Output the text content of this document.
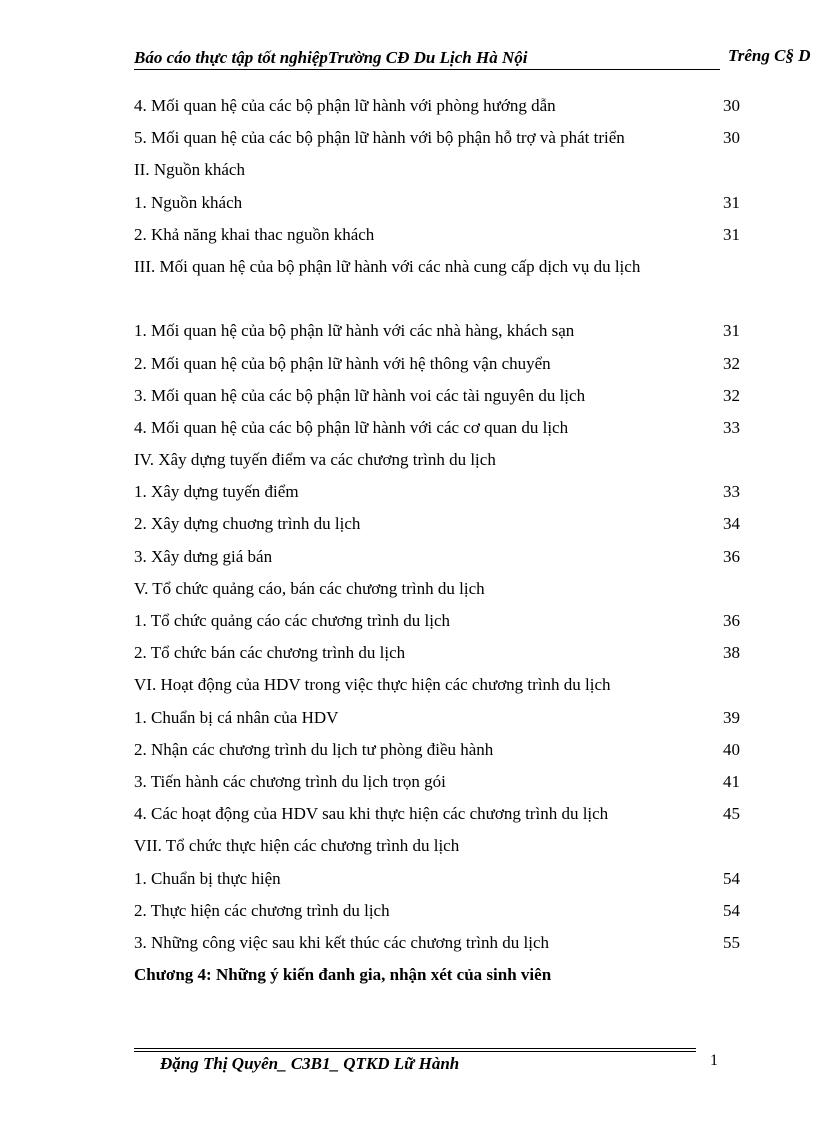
Báo cáo thực tập tốt nghiệpTrường CĐ Du Lịch Hà Nội	Trêng C§ D
4. Mối quan hệ của các bộ phận lữ hành với phòng hướng dẫn	30
5. Mối quan hệ của các bộ phận lữ hành với bộ phận hỗ trợ và phát triển	30
II. Nguồn khách
1. Nguồn khách	31
2. Khả năng khai thac nguồn khách	31
III. Mối quan hệ của bộ phận lữ hành với các nhà cung cấp dịch vụ du lịch
1. Mối quan hệ của bộ phận lữ hành với các nhà hàng, khách sạn	31
2. Mối quan hệ của bộ phận lữ hành với hệ thông vận chuyển	32
3. Mối quan hệ của các bộ phận lữ hành voi các tài nguyên du lịch	32
4. Mối quan hệ của các bộ phận lữ hành với các cơ quan du lịch	33
IV. Xây dựng tuyến điểm va các chương trình du lịch
1. Xây dựng tuyến điểm	33
2. Xây dựng chuơng trình du lịch	34
3. Xây dưng giá bán	36
V. Tổ chức quảng cáo, bán các chương trình du lịch
1. Tổ chức quảng cáo các chương trình du lịch	36
2. Tổ chức bán các chương trình du lịch	38
VI. Hoạt động của HDV trong việc thực hiện các chương trình du lịch
1. Chuẩn bị cá nhân của HDV	39
2. Nhận các chương trình du lịch tư phòng điều hành	40
3. Tiến hành các chương trình du lịch trọn gói	41
4. Các hoạt động của HDV sau khi thực hiện các chương trình du lịch	45
VII. Tổ chức thực hiện các chương trình du lịch
1. Chuẩn bị thực hiện	54
2. Thực hiện các chương trình du lịch	54
3. Những công việc sau khi kết thúc các chương trình du lịch	55
Chương 4: Những ý kiến đanh gia, nhận xét của sinh viên
Đặng Thị Quyên_ C3B1_ QTKD Lữ Hành	1
